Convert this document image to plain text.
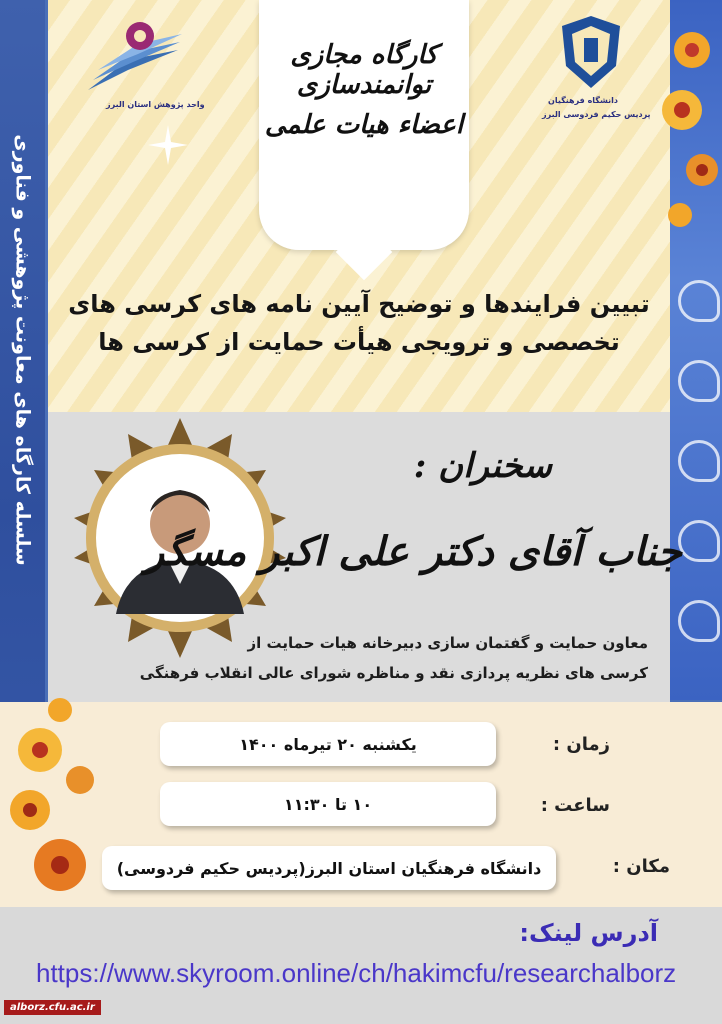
سلسله کارگاه های معاونت پژوهشی و فناوری
کارگاه مجازی توانمندسازی
اعضاء هیات علمی
واحد پژوهش استان البرز	دانشگاه فرهنگیان
پردیس حکیم فردوسی البرز
تبیین فرایندها و توضیح آیین نامه های کرسی های
تخصصی و ترویجی هیأت حمایت از کرسی ها
سخنران :
جناب آقای دکتر علی اکبر مسگر
معاون حمایت و گفتمان سازی دبیرخانه هیات حمایت از
کرسی های نظریه پردازی نقد و مناظره شورای عالی انقلاب فرهنگی
یکشنبه ۲۰ تیرماه ۱۴۰۰	زمان :
۱۰ تا ۱۱:۳۰	ساعت :
دانشگاه فرهنگیان استان البرز(پردیس حکیم فردوسی)	مکان :
آدرس لینک:
https://www.skyroom.online/ch/hakimcfu/researchalborz
alborz.cfu.ac.ir
